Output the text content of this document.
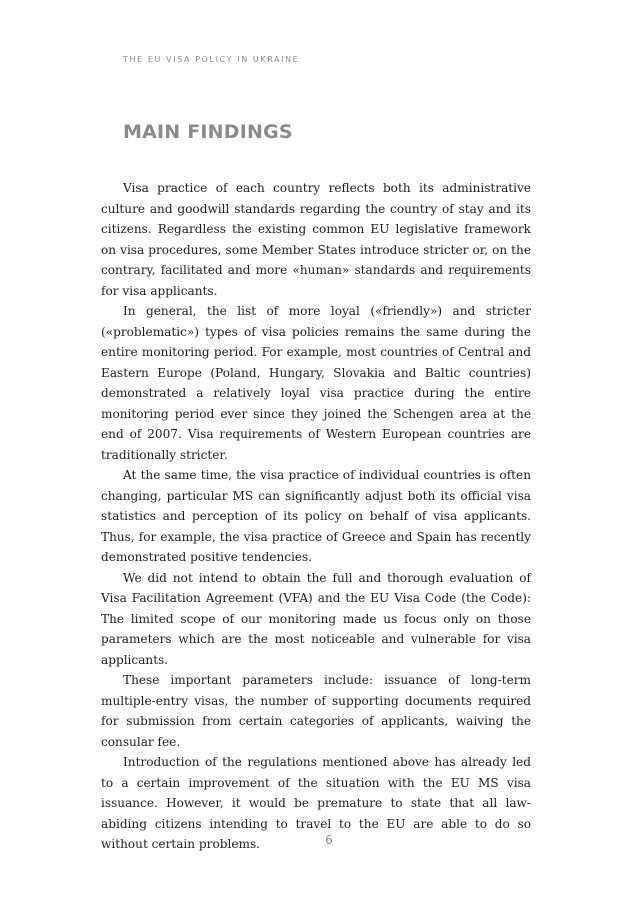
THE EU VISA POLICY IN UKRAINE
MAIN FINDINGS

Visa practice of each country reflects both its administrative culture and goodwill standards regarding the country of stay and its citizens. Regardless the existing common EU legislative framework on visa procedures, some Member States introduce stricter or, on the contrary, facilitated and more «human» standards and requirements for visa applicants.

In general, the list of more loyal («friendly») and stricter («problematic») types of visa policies remains the same during the entire monitoring period. For example, most countries of Central and Eastern Europe (Poland, Hungary, Slovakia and Baltic countries) demonstrated a relatively loyal visa practice during the entire monitoring period ever since they joined the Schengen area at the end of 2007. Visa requirements of Western European countries are traditionally stricter.

At the same time, the visa practice of individual countries is often changing, particular MS can significantly adjust both its official visa statistics and perception of its policy on behalf of visa applicants. Thus, for example, the visa practice of Greece and Spain has recently demonstrated positive tendencies.

We did not intend to obtain the full and thorough evaluation of Visa Facilitation Agreement (VFA) and the EU Visa Code (the Code): The limited scope of our monitoring made us focus only on those parameters which are the most noticeable and vulnerable for visa applicants.

These important parameters include: issuance of long-term multiple-entry visas, the number of supporting documents required for submission from certain categories of applicants, waiving the consular fee.

Introduction of the regulations mentioned above has already led to a certain improvement of the situation with the EU MS visa issuance. However, it would be premature to state that all law-abiding citizens intending to travel to the EU are able to do so without certain problems.	6
